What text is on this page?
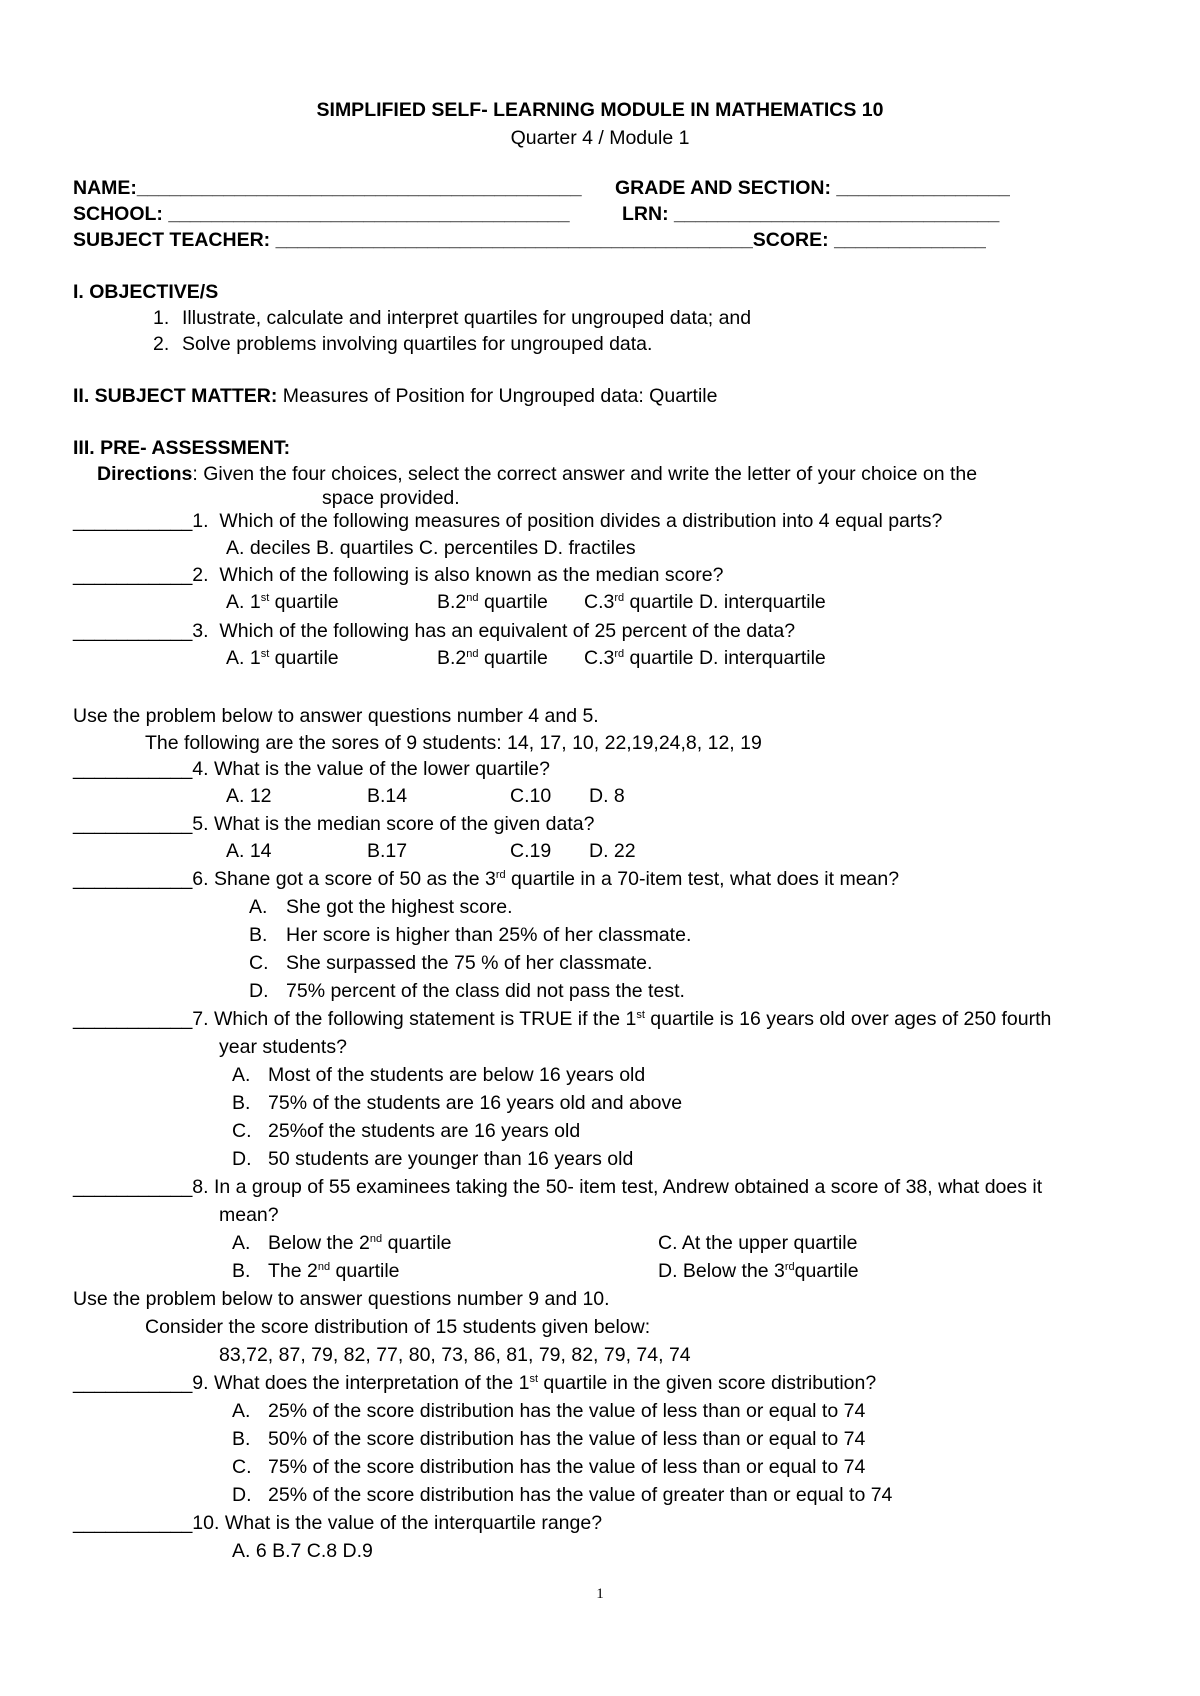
SIMPLIFIED SELF- LEARNING MODULE IN MATHEMATICS 10
Quarter 4 / Module 1
NAME:_________________________________________ GRADE AND SECTION: ________________
SCHOOL: _____________________________________	LRN: ______________________________
SUBJECT TEACHER: ____________________________________________SCORE: ______________
I. OBJECTIVE/S
1. Illustrate, calculate and interpret quartiles for ungrouped data; and
2. Solve problems involving quartiles for ungrouped data.
II. SUBJECT MATTER: Measures of Position for Ungrouped data: Quartile
III. PRE- ASSESSMENT:
Directions: Given the four choices, select the correct answer and write the letter of your choice on the
space provided.
___________1. Which of the following measures of position divides a distribution into 4 equal parts?
A. deciles B. quartiles C. percentiles D. fractiles
___________2. Which of the following is also known as the median score?
A. 1st quartile	B.2nd quartile C.3rd quartile D. interquartile
___________3. Which of the following has an equivalent of 25 percent of the data?
A. 1st quartile	B.2nd quartile C.3rd quartile D. interquartile
Use the problem below to answer questions number 4 and 5.
The following are the sores of 9 students: 14, 17, 10, 22,19,24,8, 12, 19
___________4. What is the value of the lower quartile?
A. 12	B.14	C.10 D. 8
___________5. What is the median score of the given data?
A. 14	B.17	C.19 D. 22
___________6. Shane got a score of 50 as the 3rd quartile in a 70-item test, what does it mean?
A. She got the highest score.
B. Her score is higher than 25% of her classmate.
C. She surpassed the 75 % of her classmate.
D. 75% percent of the class did not pass the test.
___________7. Which of the following statement is TRUE if the 1st quartile is 16 years old over ages of 250 fourth
year students?
A. Most of the students are below 16 years old
B. 75% of the students are 16 years old and above
C. 25%of the students are 16 years old
D. 50 students are younger than 16 years old
___________8. In a group of 55 examinees taking the 50- item test, Andrew obtained a score of 38, what does it
mean?
A. Below the 2nd quartile	C. At the upper quartile
B. The 2nd quartile	D. Below the 3rdquartile
Use the problem below to answer questions number 9 and 10.
Consider the score distribution of 15 students given below:
83,72, 87, 79, 82, 77, 80, 73, 86, 81, 79, 82, 79, 74, 74
___________9. What does the interpretation of the 1st quartile in the given score distribution?
A. 25% of the score distribution has the value of less than or equal to 74
B. 50% of the score distribution has the value of less than or equal to 74
C. 75% of the score distribution has the value of less than or equal to 74
D. 25% of the score distribution has the value of greater than or equal to 74
___________10. What is the value of the interquartile range?
A. 6 B.7 C.8 D.9
1
